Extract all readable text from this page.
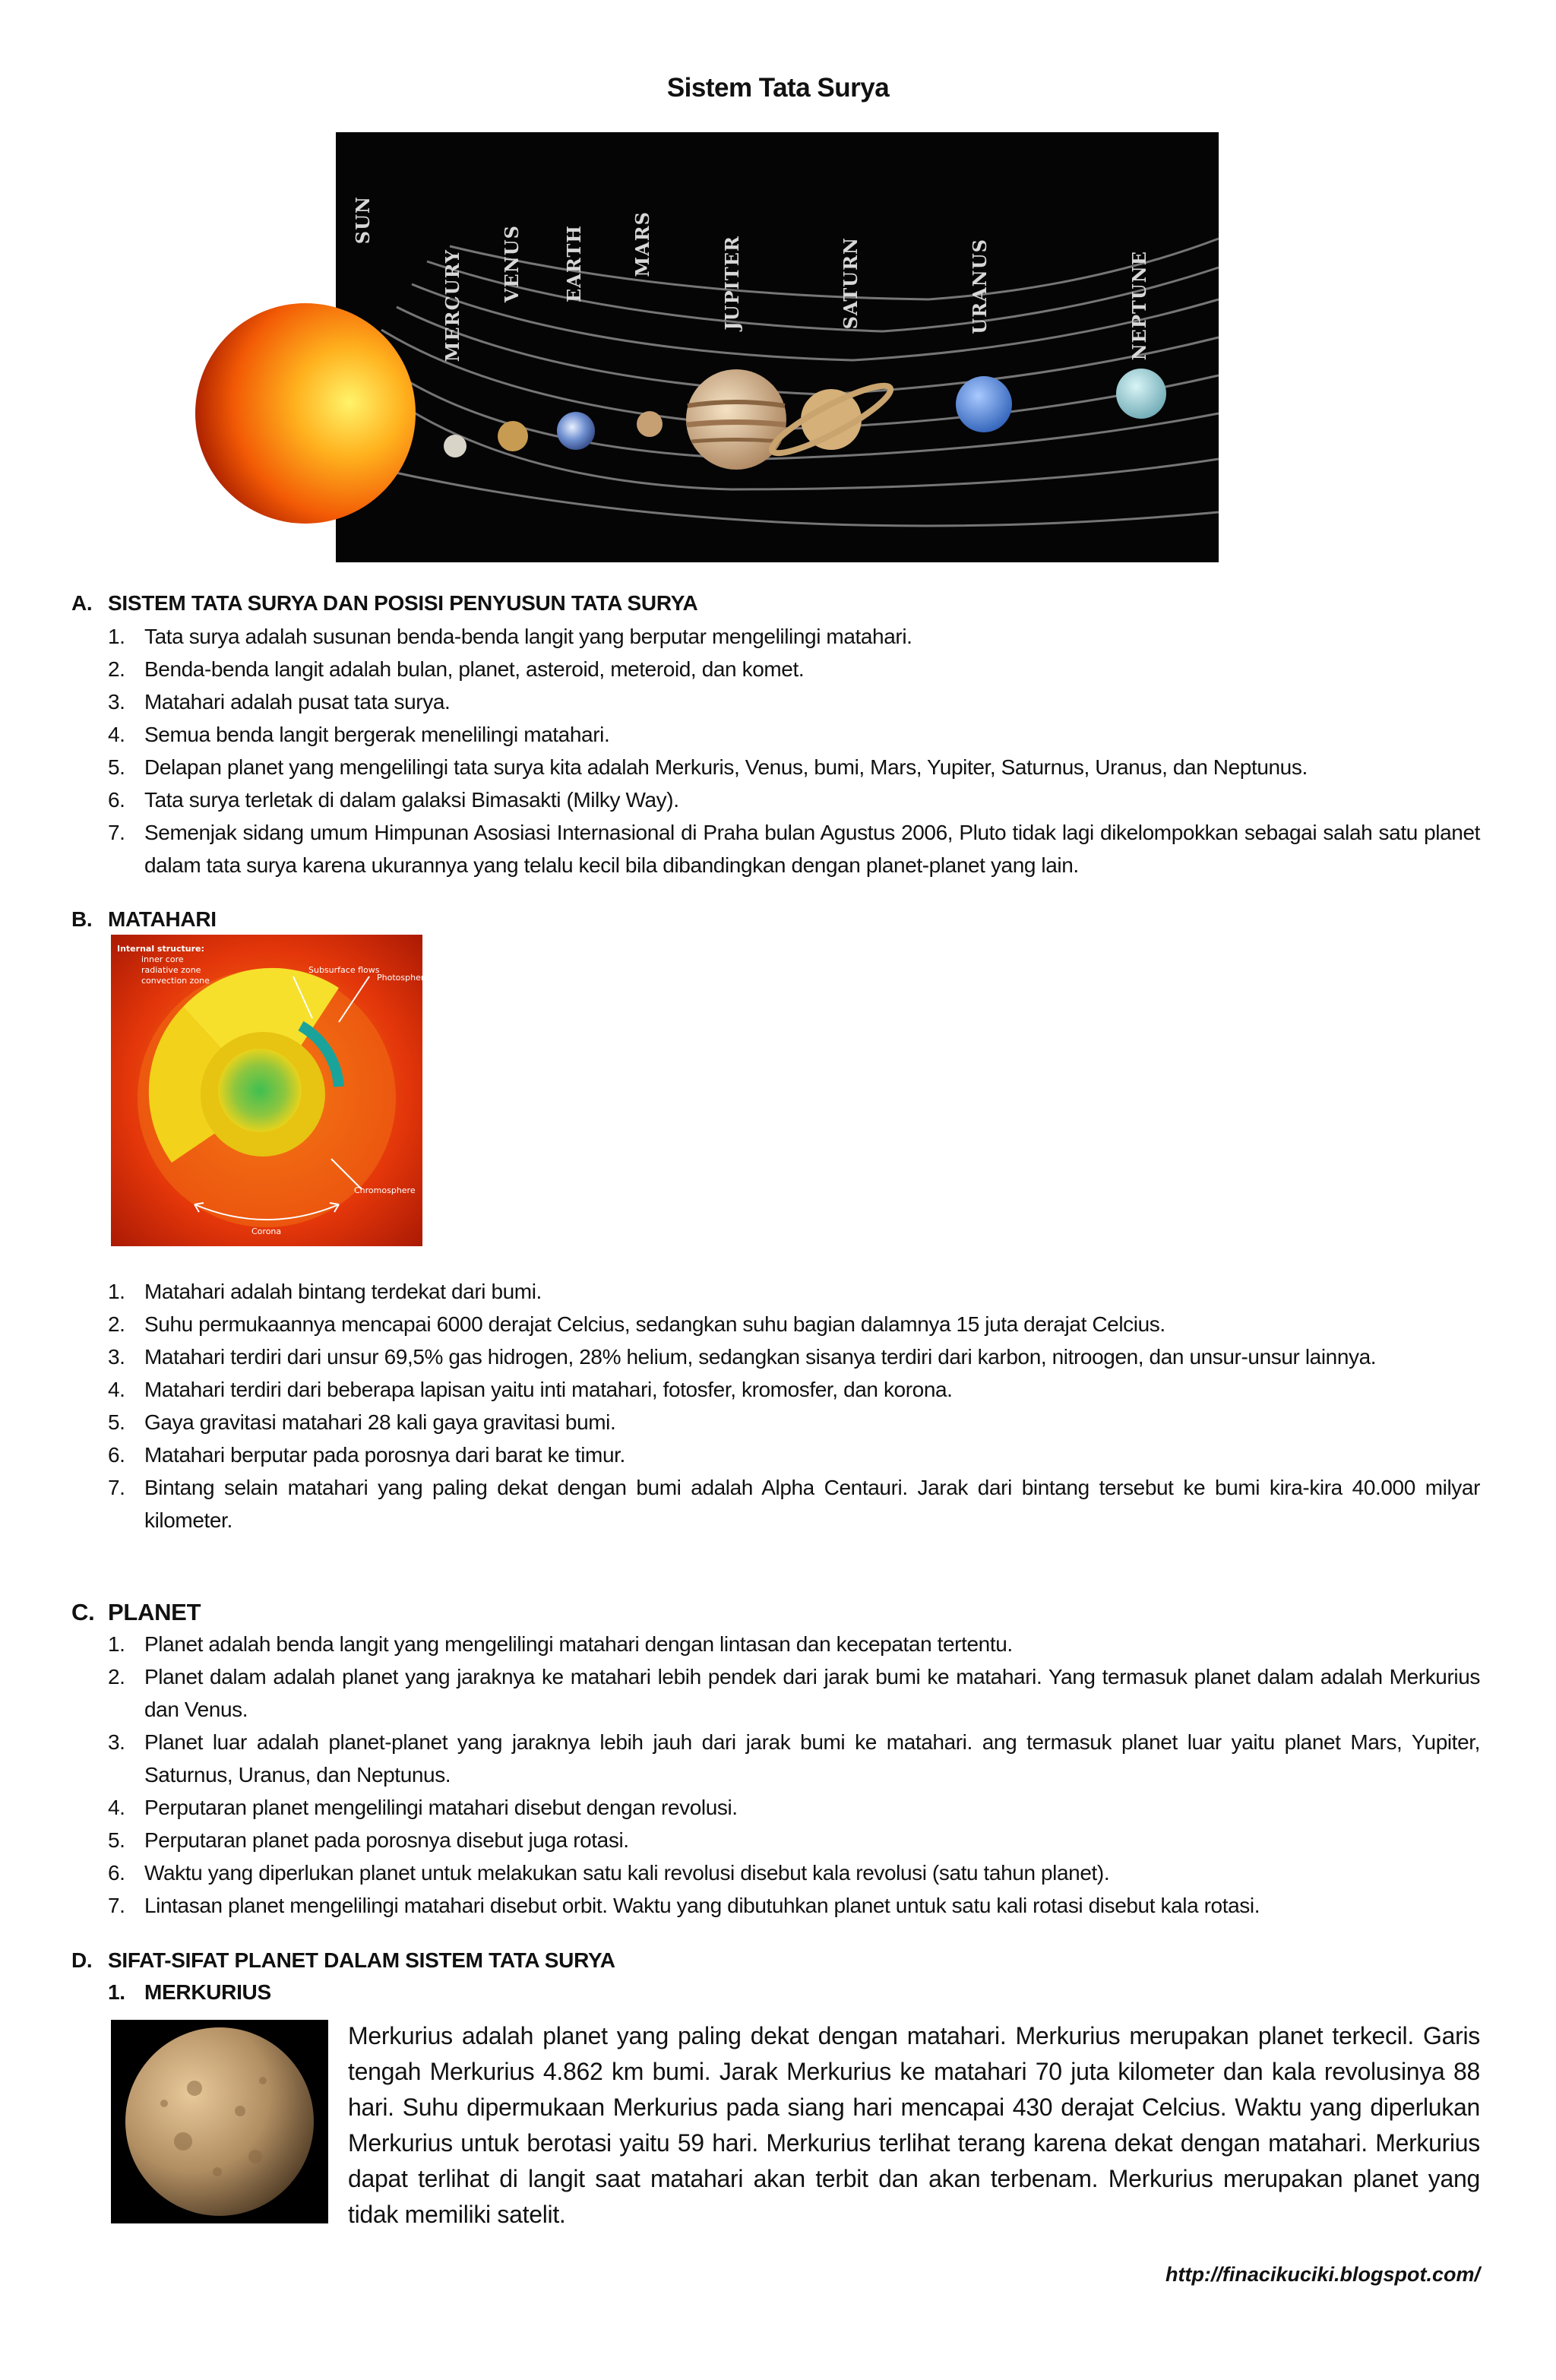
Sistem Tata Surya
SUN
MERCURY VENUS EARTH	MARS	JUPITER	SATURN	URANUS	NEPTUNE
A. SISTEM TATA SURYA DAN POSISI PENYUSUN TATA SURYA
1. Tata surya adalah susunan benda-benda langit yang berputar mengelilingi matahari.
2. Benda-benda langit adalah bulan, planet, asteroid, meteroid, dan komet.
3. Matahari adalah pusat tata surya.
4. Semua benda langit bergerak menelilingi matahari.
5. Delapan planet yang mengelilingi tata surya kita adalah Merkuris, Venus, bumi, Mars, Yupiter, Saturnus, Uranus, dan Neptunus.
6. Tata surya terletak di dalam galaksi Bimasakti (Milky Way).
7. Semenjak sidang umum Himpunan Asosiasi Internasional di Praha bulan Agustus 2006, Pluto tidak lagi dikelompokkan sebagai salah satu planet dalam tata surya karena ukurannya yang telalu kecil bila dibandingkan dengan planet-planet yang lain.
B. MATAHARI
Internal structure:
inner core
radiative zone
convection zone
Subsurface flows
Photosphere
Chromosphere
Corona
1. Matahari adalah bintang terdekat dari bumi.
2. Suhu permukaannya mencapai 6000 derajat Celcius, sedangkan suhu bagian dalamnya 15 juta derajat Celcius.
3. Matahari terdiri dari unsur 69,5% gas hidrogen, 28% helium, sedangkan sisanya terdiri dari karbon, nitroogen, dan unsur-unsur lainnya.
4. Matahari terdiri dari beberapa lapisan yaitu inti matahari, fotosfer, kromosfer, dan korona.
5. Gaya gravitasi matahari 28 kali gaya gravitasi bumi.
6. Matahari berputar pada porosnya dari barat ke timur.
7. Bintang selain matahari yang paling dekat dengan bumi adalah Alpha Centauri. Jarak dari bintang tersebut ke bumi kira-kira 40.000 milyar kilometer.
C. PLANET
1. Planet adalah benda langit yang mengelilingi matahari dengan lintasan dan kecepatan tertentu.
2. Planet dalam adalah planet yang jaraknya ke matahari lebih pendek dari jarak bumi ke matahari. Yang termasuk planet dalam adalah Merkurius dan Venus.
3. Planet luar adalah planet-planet yang jaraknya lebih jauh dari jarak bumi ke matahari. ang termasuk planet luar yaitu planet Mars, Yupiter, Saturnus, Uranus, dan Neptunus.
4. Perputaran planet mengelilingi matahari disebut dengan revolusi.
5. Perputaran planet pada porosnya disebut juga rotasi.
6. Waktu yang diperlukan planet untuk melakukan satu kali revolusi disebut kala revolusi (satu tahun planet).
7. Lintasan planet mengelilingi matahari disebut orbit. Waktu yang dibutuhkan planet untuk satu kali rotasi disebut kala rotasi.
D. SIFAT-SIFAT PLANET DALAM SISTEM TATA SURYA
1. MERKURIUS
Merkurius adalah planet yang paling dekat dengan matahari. Merkurius merupakan planet terkecil. Garis tengah Merkurius 4.862 km bumi. Jarak Merkurius ke matahari 70 juta kilometer dan kala revolusinya 88 hari. Suhu dipermukaan Merkurius pada siang hari mencapai 430 derajat Celcius. Waktu yang diperlukan Merkurius untuk berotasi yaitu 59 hari. Merkurius terlihat terang karena dekat dengan matahari. Merkurius dapat terlihat di langit saat matahari akan terbit dan akan terbenam. Merkurius merupakan planet yang tidak memiliki satelit.
http://finacikuciki.blogspot.com/
